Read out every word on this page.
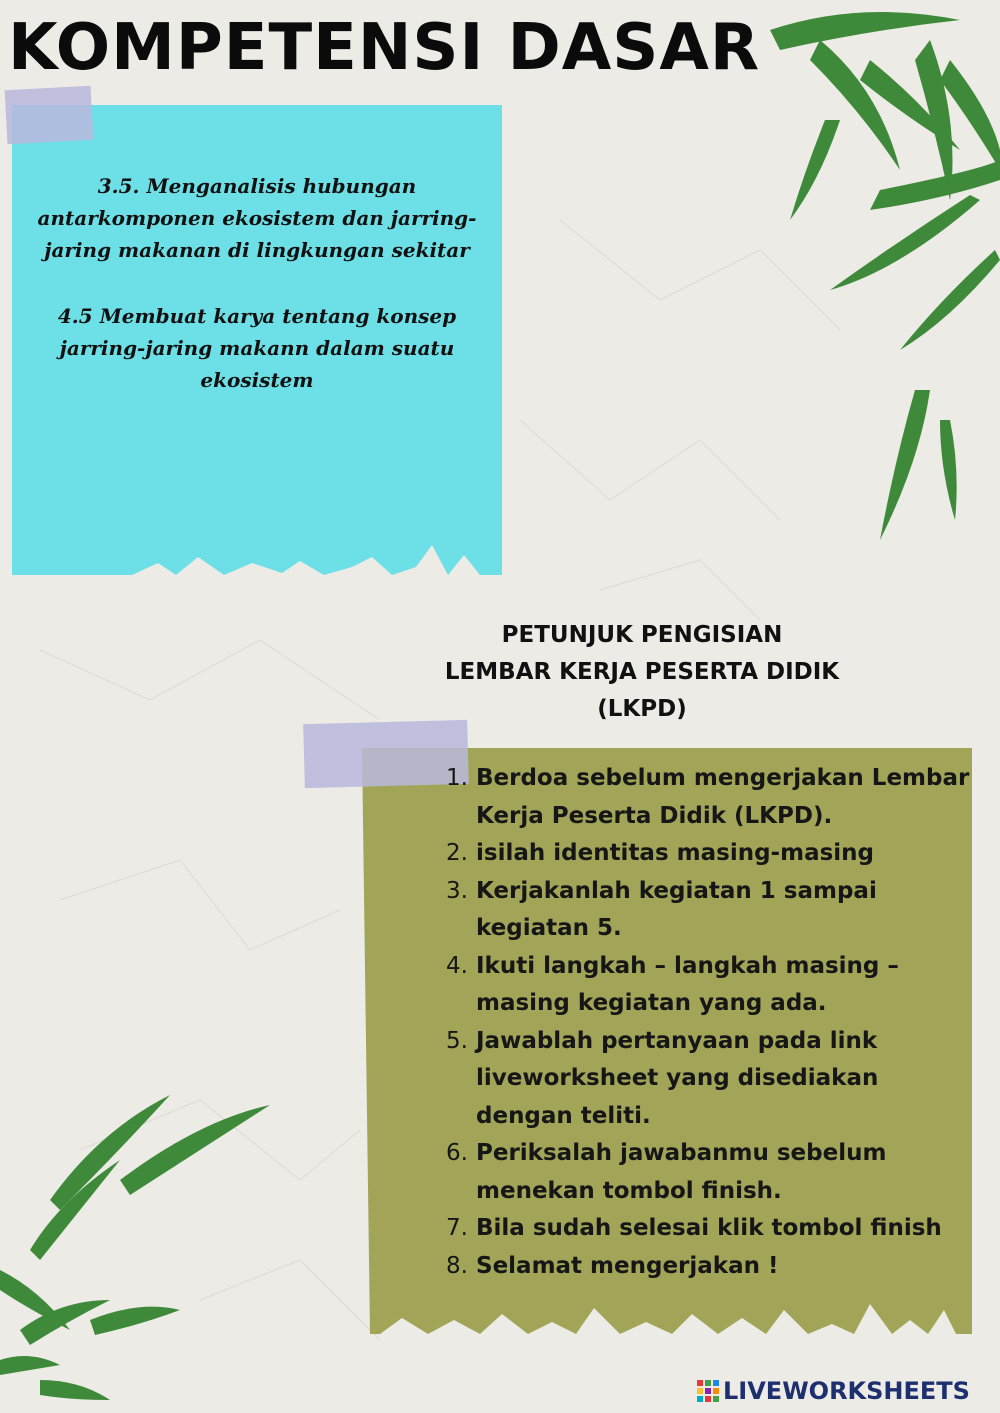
KOMPETENSI DASAR

3.5. Menganalisis hubungan antarkomponen ekosistem dan jarring-jaring makanan di lingkungan sekitar

4.5 Membuat karya tentang konsep jarring-jaring makann dalam suatu ekosistem

PETUNJUK PENGISIAN
LEMBAR KERJA PESERTA DIDIK
(LKPD)
1. Berdoa sebelum mengerjakan Lembar Kerja Peserta Didik (LKPD).
2. isilah identitas masing-masing
3. Kerjakanlah kegiatan 1 sampai kegiatan 5.
4. Ikuti langkah – langkah masing – masing kegiatan yang ada.
5. Jawablah pertanyaan pada link liveworksheet yang disediakan dengan teliti.
6. Periksalah jawabanmu sebelum menekan tombol finish.
7. Bila sudah selesai klik tombol finish
8. Selamat mengerjakan !
LIVEWORKSHEETS
